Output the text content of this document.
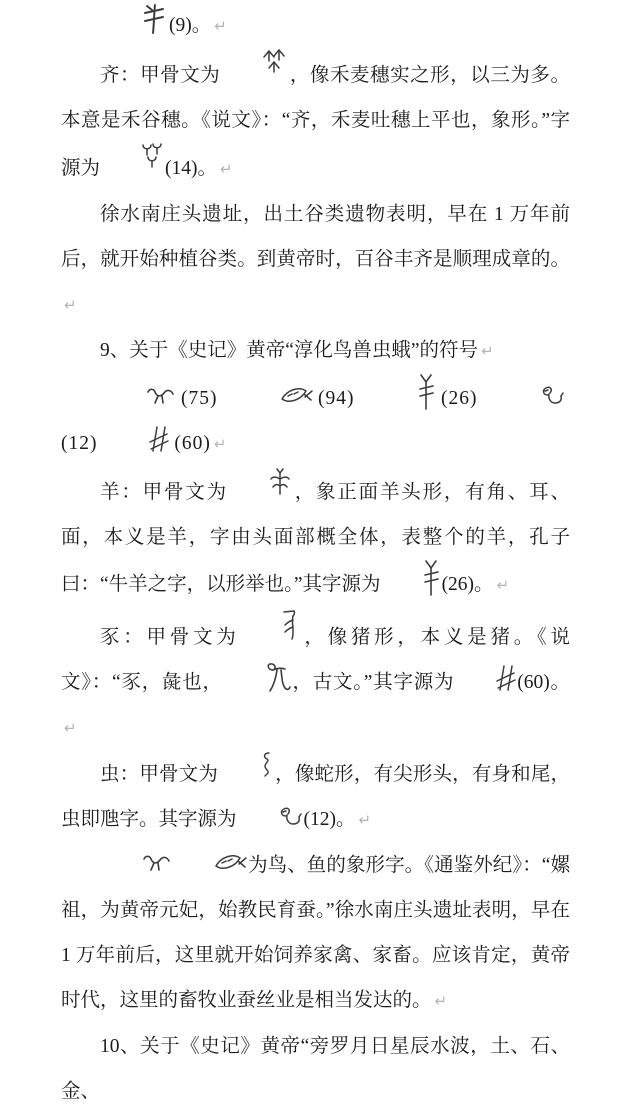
(9)。 ↵
齐：甲骨文为	，像禾麦穗实之形，以三为多。本意是禾谷穗。《说文》：“齐，禾麦吐穗上平也，象形。”字源为	(14)。 ↵
徐水南庄头遗址，出土谷类遗物表明，早在 1 万年前后，就开始种植谷类。到黄帝时，百谷丰齐是顺理成章的。↵
9、关于《史记》黄帝“淳化鸟兽虫蛾”的符号 ↵
(75)	(94)	(26) (12)	(60) ↵
羊：甲骨文为	，象正面羊头形，有角、耳、面，本义是羊，字由头面部概全体，表整个的羊，孔子曰：“牛羊之字，以形举也。”其字源为	(26)。 ↵
豕：甲骨文为	，像猪形，本义是猪。《说文》：“豕，彘也，	，古文。”其字源为	(60)。↵
虫：甲骨文为	，像蛇形，有尖形头，有身和尾，虫即虺字。其字源为	(12)。 ↵
为鸟、鱼的象形字。《通鉴外纪》：“嫘祖，为黄帝元妃，始教民育蚕。”徐水南庄头遗址表明，早在 1 万年前后，这里就开始饲养家禽、家畜。应该肯定，黄帝时代，这里的畜牧业蚕丝业是相当发达的。 ↵
10、关于《史记》黄帝“旁罗月日星辰水波，土、石、金、
